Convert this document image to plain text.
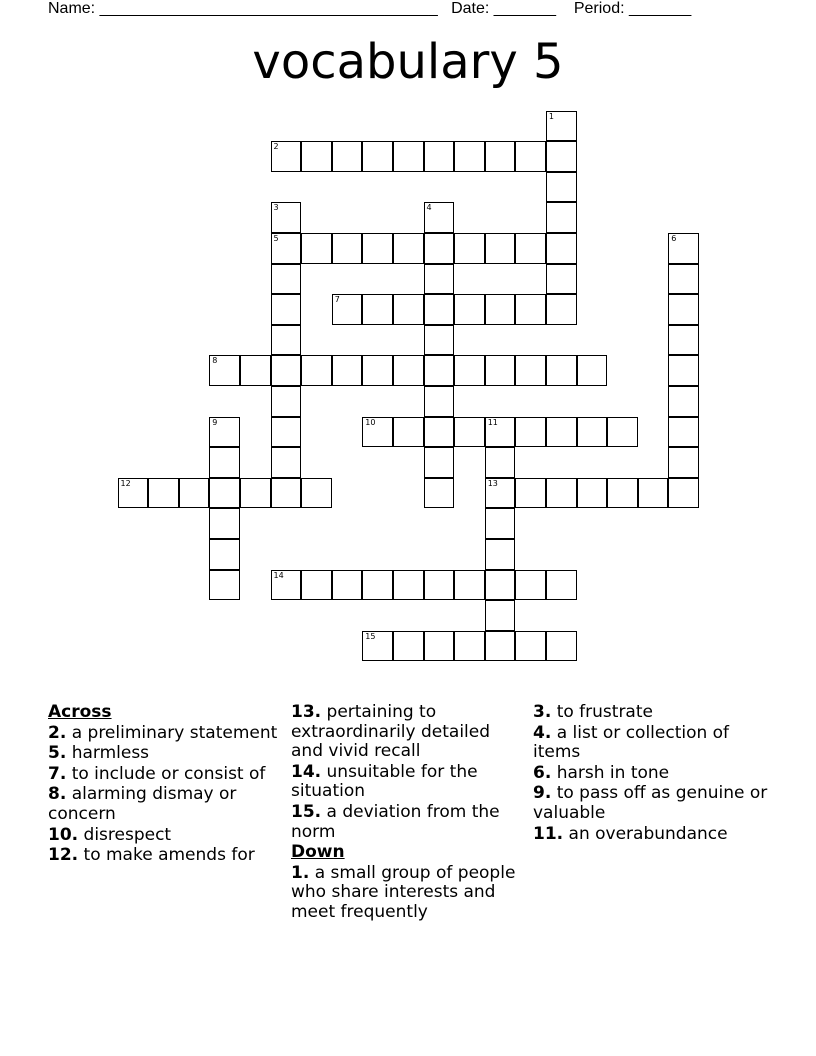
Name: ______________________________________ Date: _______ Period: _______
vocabulary 5
1
2
3
5
4
6
7
8
9	10	11
13
12
14
15
Across
2. a preliminary statement
5. harmless
7. to include or consist of
8. alarming dismay or concern
10. disrespect
12. to make amends for
13. pertaining to extraordinarily detailed and vivid recall
14. unsuitable for the situation
15. a deviation from the norm
Down
1. a small group of people who share interests and meet frequently
3. to frustrate
4. a list or collection of items
6. harsh in tone
9. to pass off as genuine or valuable
11. an overabundance
